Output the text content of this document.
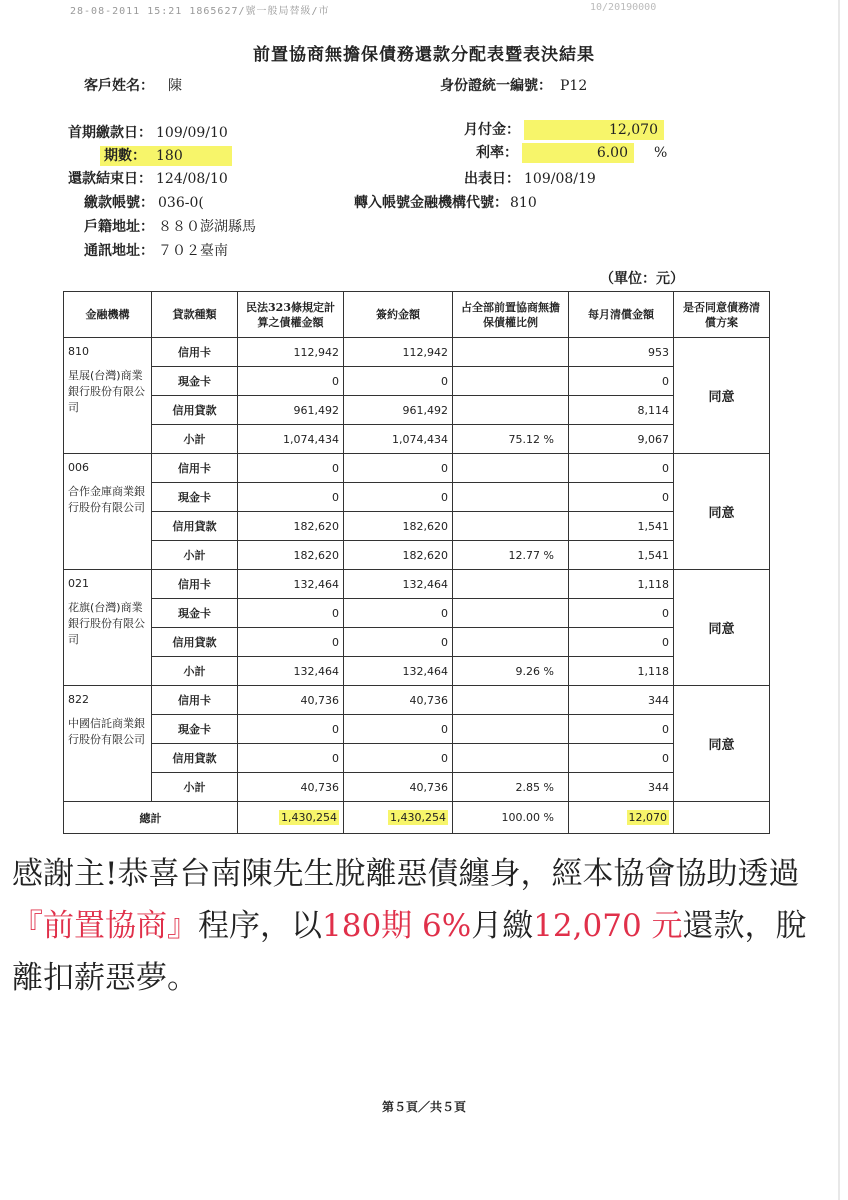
28-08-2011 15:21 1865627/號一般局替級/市	10/20190000
前置協商無擔保債務還款分配表暨表決結果
客戶姓名： 陳	身份證統一編號： P12
首期繳款日： 109/09/10	月付金：	12,070
期數： 180	利率：	6.00 %
還款結束日： 124/08/10	出表日： 109/08/19
繳款帳號： 036-0(	轉入帳號金融機構代號： 810
戶籍地址： ８８０澎湖縣馬
通訊地址： ７０２臺南
（單位：元）
金融機構	貸款種類	民法323條規定計算之債權金額	簽約金額	占全部前置協商無擔保債權比例	每月清償金額	是否同意債務清償方案

810
星展(台灣)商業銀行股份有限公司	信用卡	112,942	112,942		953	同意
	現金卡	0	0		0	
	信用貸款	961,492	961,492		8,114	
	小計	1,074,434	1,074,434	75.12 %	9,067	

006
合作金庫商業銀行股份有限公司	信用卡	0	0		0	同意
	現金卡	0	0		0	
	信用貸款	182,620	182,620		1,541	
	小計	182,620	182,620	12.77 %	1,541	

021
花旗(台灣)商業銀行股份有限公司	信用卡	132,464	132,464		1,118	同意
	現金卡	0	0		0	
	信用貸款	0	0		0	
	小計	132,464	132,464	9.26 %	1,118	

822
中國信託商業銀行股份有限公司	信用卡	40,736	40,736		344	同意
	現金卡	0	0		0	
	信用貸款	0	0		0	
	小計	40,736	40,736	2.85 %	344	
總計		1,430,254	1,430,254	100.00 %	12,070	
感謝主!恭喜台南陳先生脫離惡債纏身，經本協會協助透過『前置協商』程序，以180期 6%月繳12,070 元還款，脫離扣薪惡夢。
第５頁／共５頁
